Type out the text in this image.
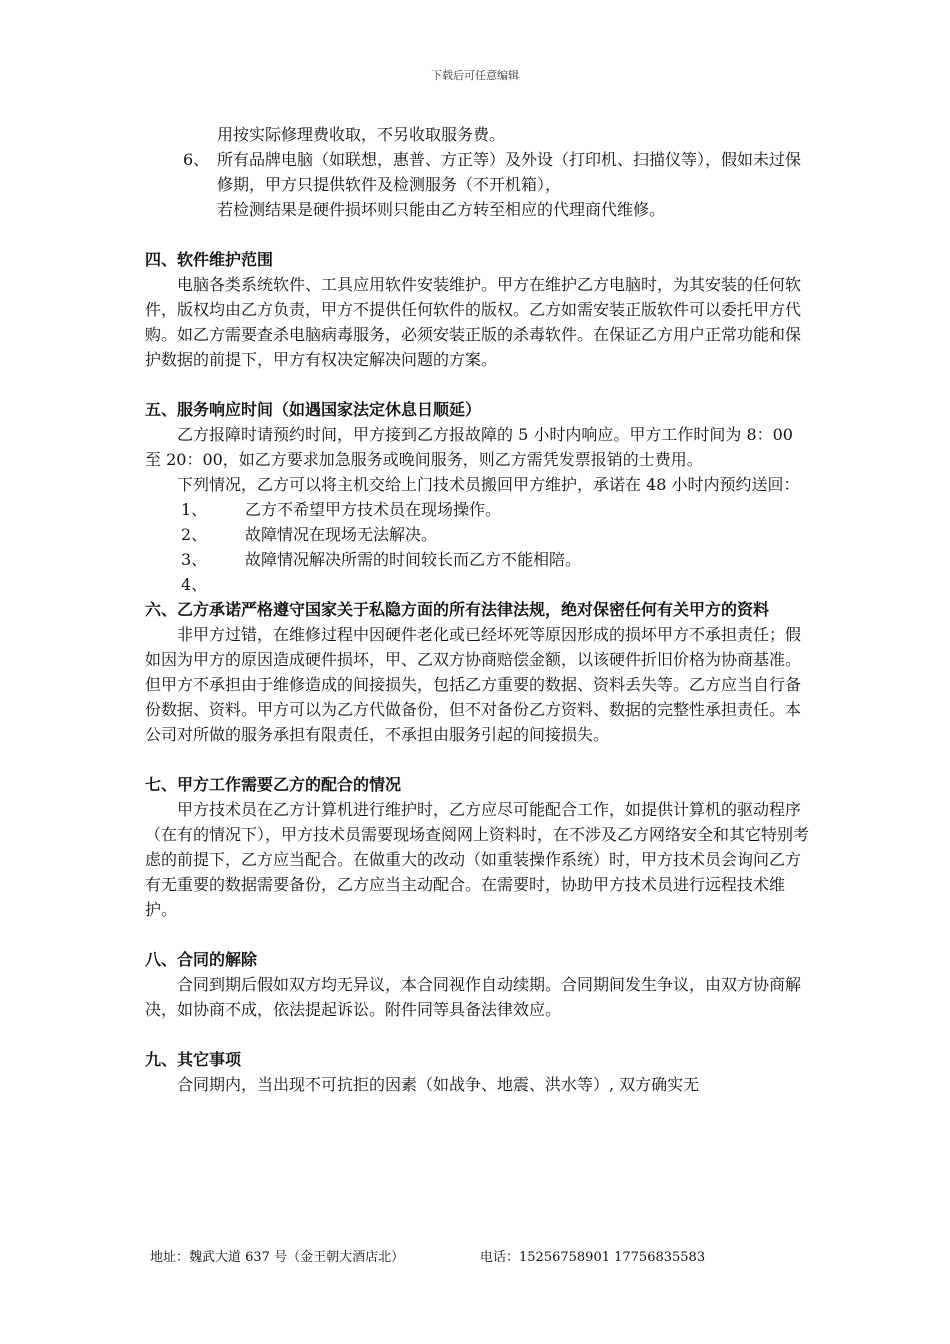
下载后可任意编辑

用按实际修理费收取，不另收取服务费。

6、 所有品牌电脑（如联想，惠普、方正等）及外设（打印机、扫描仪等），假如未过保修期，甲方只提供软件及检测服务（不开机箱），

若检测结果是硬件损坏则只能由乙方转至相应的代理商代维修。

四、软件维护范围

电脑各类系统软件、工具应用软件安装维护。甲方在维护乙方电脑时，为其安装的任何软件，版权均由乙方负责，甲方不提供任何软件的版权。乙方如需安装正版软件可以委托甲方代购。如乙方需要查杀电脑病毒服务，必须安装正版的杀毒软件。在保证乙方用户正常功能和保护数据的前提下，甲方有权决定解决问题的方案。

五、服务响应时间（如遇国家法定休息日顺延）

乙方报障时请预约时间，甲方接到乙方报故障的 5 小时内响应。甲方工作时间为 8：00 至 20：00，如乙方要求加急服务或晚间服务，则乙方需凭发票报销的士费用。

下列情况，乙方可以将主机交给上门技术员搬回甲方维护，承诺在 48 小时内预约送回：

1、	乙方不希望甲方技术员在现场操作。
2、	故障情况在现场无法解决。
3、	故障情况解决所需的时间较长而乙方不能相陪。
4、

六、乙方承诺严格遵守国家关于私隐方面的所有法律法规，绝对保密任何有关甲方的资料

非甲方过错，在维修过程中因硬件老化或已经坏死等原因形成的损坏甲方不承担责任；假如因为甲方的原因造成硬件损坏，甲、乙双方协商赔偿金额，以该硬件折旧价格为协商基准。但甲方不承担由于维修造成的间接损失，包括乙方重要的数据、资料丢失等。乙方应当自行备份数据、资料。甲方可以为乙方代做备份，但不对备份乙方资料、数据的完整性承担责任。本公司对所做的服务承担有限责任，不承担由服务引起的间接损失。

七、甲方工作需要乙方的配合的情况

甲方技术员在乙方计算机进行维护时，乙方应尽可能配合工作，如提供计算机的驱动程序（在有的情况下），甲方技术员需要现场查阅网上资料时，在不涉及乙方网络安全和其它特别考虑的前提下，乙方应当配合。在做重大的改动（如重装操作系统）时，甲方技术员会询问乙方有无重要的数据需要备份，乙方应当主动配合。在需要时，协助甲方技术员进行远程技术维护。

八、合同的解除

合同到期后假如双方均无异议，本合同视作自动续期。合同期间发生争议，由双方协商解决，如协商不成，依法提起诉讼。附件同等具备法律效应。

九、其它事项

合同期内，当出现不可抗拒的因素（如战争、地震、洪水等）, 双方确实无

地址：魏武大道 637 号（金王朝大酒店北）	电话：15256758901 17756835583
